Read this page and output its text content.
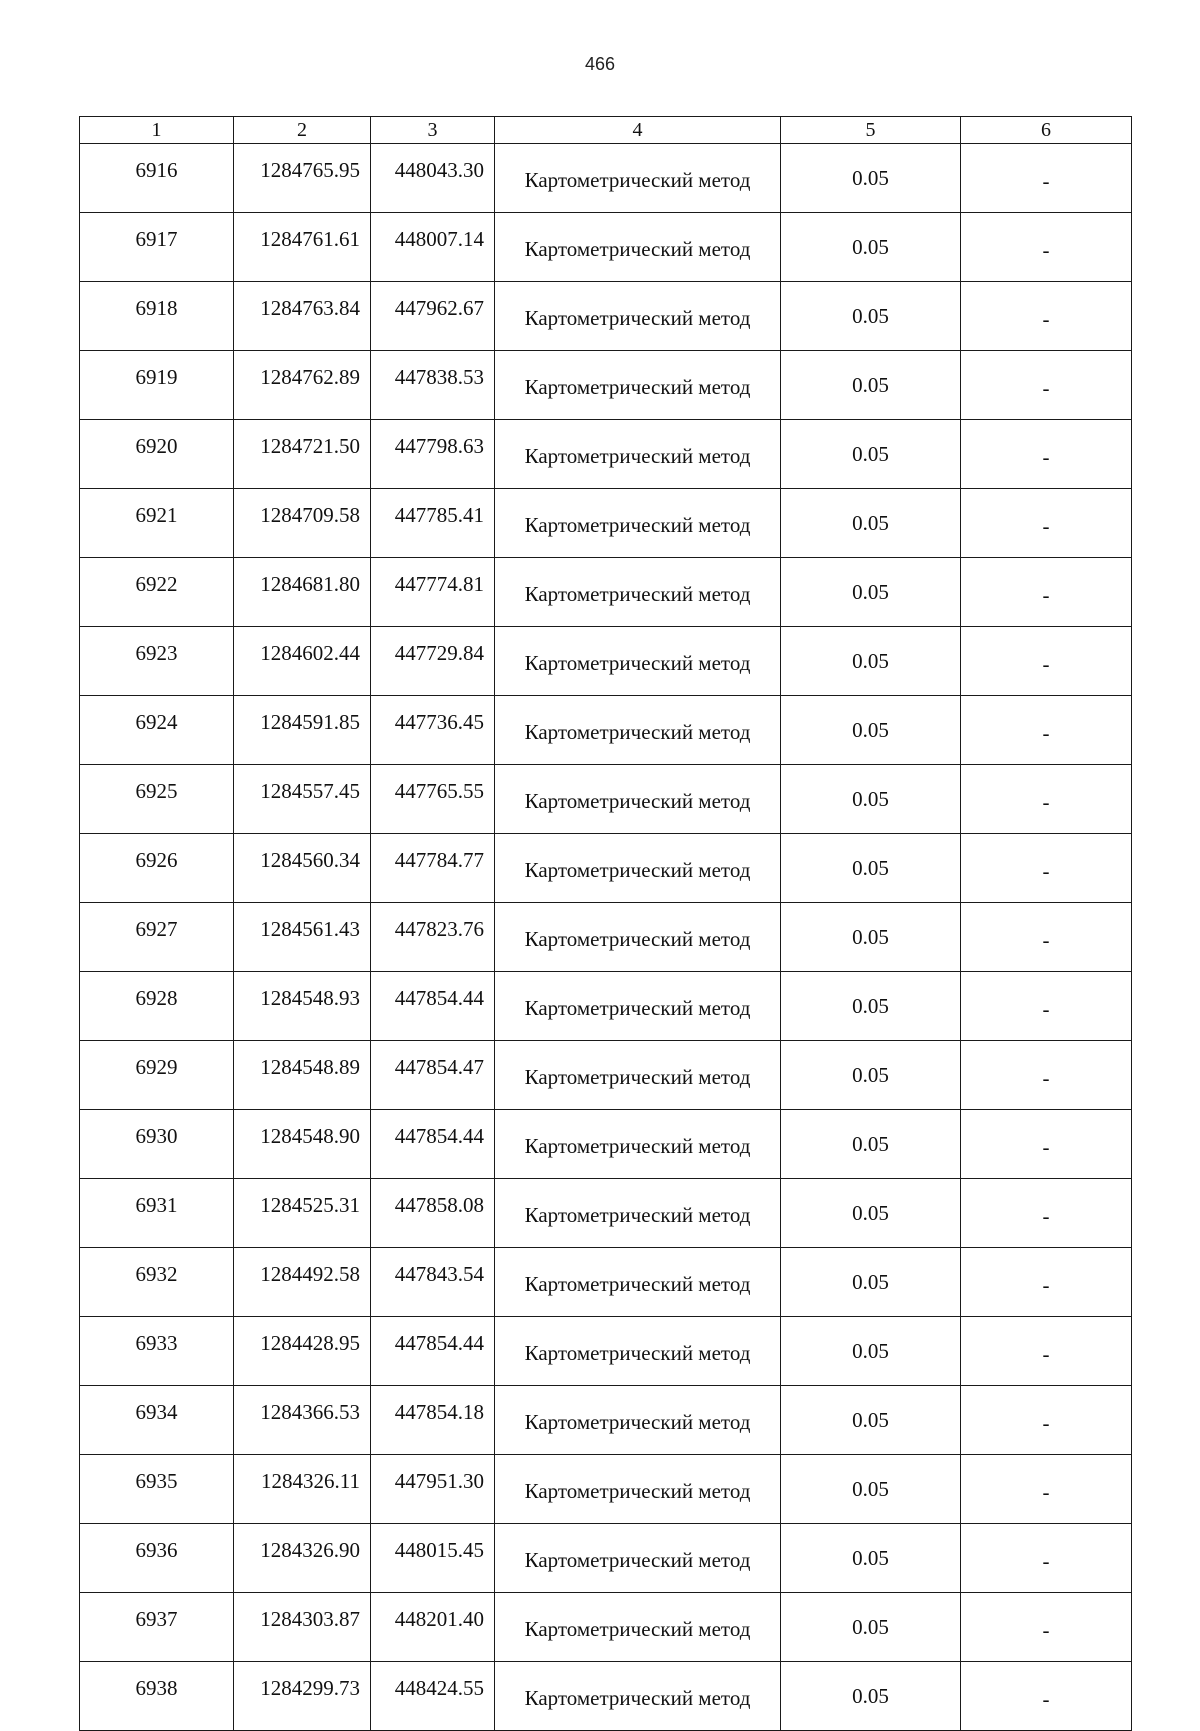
466
1	2	3	4	5	6
6916	1284765.95	448043.30	Картометрический метод	0.05	-
6917	1284761.61	448007.14	Картометрический метод	0.05	-
6918	1284763.84	447962.67	Картометрический метод	0.05	-
6919	1284762.89	447838.53	Картометрический метод	0.05	-
6920	1284721.50	447798.63	Картометрический метод	0.05	-
6921	1284709.58	447785.41	Картометрический метод	0.05	-
6922	1284681.80	447774.81	Картометрический метод	0.05	-
6923	1284602.44	447729.84	Картометрический метод	0.05	-
6924	1284591.85	447736.45	Картометрический метод	0.05	-
6925	1284557.45	447765.55	Картометрический метод	0.05	-
6926	1284560.34	447784.77	Картометрический метод	0.05	-
6927	1284561.43	447823.76	Картометрический метод	0.05	-
6928	1284548.93	447854.44	Картометрический метод	0.05	-
6929	1284548.89	447854.47	Картометрический метод	0.05	-
6930	1284548.90	447854.44	Картометрический метод	0.05	-
6931	1284525.31	447858.08	Картометрический метод	0.05	-
6932	1284492.58	447843.54	Картометрический метод	0.05	-
6933	1284428.95	447854.44	Картометрический метод	0.05	-
6934	1284366.53	447854.18	Картометрический метод	0.05	-
6935	1284326.11	447951.30	Картометрический метод	0.05	-
6936	1284326.90	448015.45	Картометрический метод	0.05	-
6937	1284303.87	448201.40	Картометрический метод	0.05	-
6938	1284299.73	448424.55	Картометрический метод	0.05	-
